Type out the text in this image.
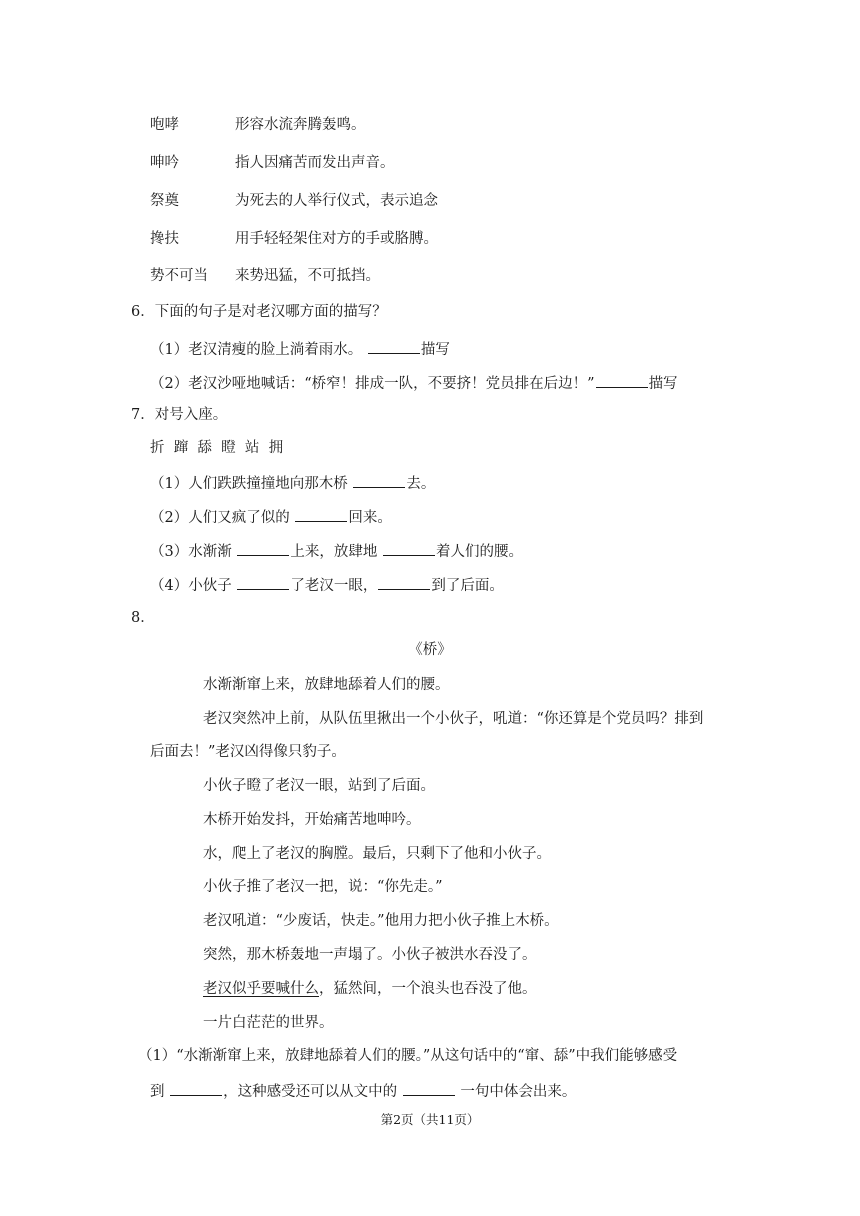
咆哮	形容水流奔腾轰鸣。
呻吟	指人因痛苦而发出声音。
祭奠	为死去的人举行仪式，表示追念
搀扶	用手轻轻架住对方的手或胳膊。
势不可当 来势迅猛，不可抵挡。
6．下面的句子是对老汉哪方面的描写？
（1）老汉清瘦的脸上淌着雨水。	描写
（2）老汉沙哑地喊话：“桥窄！排成一队，不要挤！党员排在后边！”	描写
7．对号入座。
折  蹿  舔  瞪  站  拥
（1）人们跌跌撞撞地向那木桥	去。
（2）人们又疯了似的	回来。
（3）水渐渐	上来，放肆地	着人们的腰。
（4）小伙子	了老汉一眼，	到了后面。
8．
《桥》
水渐渐窜上来，放肆地舔着人们的腰。
老汉突然冲上前，从队伍里揪出一个小伙子，吼道：“你还算是个党员吗？排到
后面去！”老汉凶得像只豹子。
小伙子瞪了老汉一眼，站到了后面。
木桥开始发抖，开始痛苦地呻吟。
水，爬上了老汉的胸膛。最后，只剩下了他和小伙子。
小伙子推了老汉一把，说：“你先走。”
老汉吼道：“少废话，快走。”他用力把小伙子推上木桥。
突然，那木桥轰地一声塌了。小伙子被洪水吞没了。
老汉似乎要喊什么，猛然间，一个浪头也吞没了他。
一片白茫茫的世界。
（1）“水渐渐窜上来，放肆地舔着人们的腰。”从这句话中的“窜、舔”中我们能够感受
到	，这种感受还可以从文中的	一句中体会出来。
第2页（共11页）
